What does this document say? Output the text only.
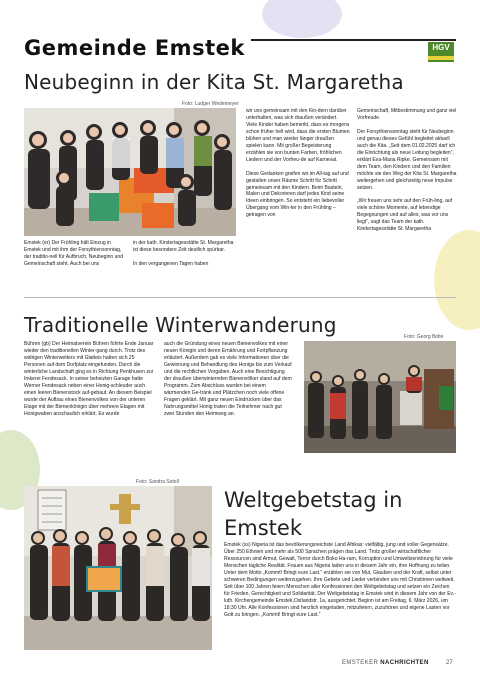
Gemeinde Emstek	HGV
Neubeginn in der Kita St. Margaretha
Foto: Ludger Wedemeyer

Emstek (er) Der Frühling hält Einzug in Emstek und mit ihm der Forsythiensonntag, der traditio-nell für Aufbruch, Neubeginn und Gemeinschaft steht. Auch bei uns

in der kath. Kindertagesstätte St. Margaretha ist diese besondere Zeit deutlich spürbar.

In den vergangenen Tagen haben

wir uns gemeinsam mit den Kin-dern darüber unterhalten, was sich draußen verändert. Viele Kinder haben bemerkt, dass es morgens schon früher hell wird, dass die ersten Blumen blühen und man wieder länger draußen spielen kann. Mit großer Begeisterung erzählen sie von bunten Farben, fröhlichen Liedern und der Vorfreu-de auf Karneval.

Diese Gedanken greifen wir im All-tag auf und gestalten unser Räume Schritt für Schritt gemeinsam mit den Kindern. Beim Basteln, Malen und Dekorieren darf jedes Kind seine Ideen einbringen. So entsteht ein liebevoller Übergang vom Win-ter in den Frühling – getragen von

Gemeinschaft, Mitbestimmung und ganz viel Vorfreude.

Der Forsythiensonntag steht für Neubeginn und genau dieses Gefühl begleitet aktuell auch die Kita. „Seit dem 01.02.2025 darf ich die Einrichtung als neue Leitung begleiten“, erklärt Eva-Maria Ripke. Gemeinsam mit dem Team, den Kindern und den Familien möchte sie den Weg der Kita St. Margaretha weitergehen und gleichzeitig neue Impulse setzen.

„Wir freuen uns sehr auf den Früh-ling, auf viele schöne Momente, auf lebendige Begegnungen und auf alles, was vor uns liegt“, sagt das Team der kath. Kindertagesstätte St. Margaretha

Traditionelle Winterwanderung

Bühren (gb) Der Heimatverein Bühren führte Ende Januar wieder den traditionellen Winter-gang durch. Trotz des widrigen Winterwetters mit Glatteis hatten sich 25 Personen auf dem Dorfplatz eingefunden. Durch die winterliche Landschaft ging es in Richtung Penkhusen zur Imkerei Fendesack. In seiner beheizten Garage hatte Werner Fendesack neben einer Honig-schleuder auch einen leeren Bienenstock auf-gebaut. An diesem Beispiel wurde der Aufbau eines Bienenvolkes von der unteren Etage mit der Bienenkönigin über mehrere Etagen mit Honigwaben anschaulich erklärt. Es wurde

auch die Gründung eines neuen Bienenvolkes mit einer neuen Königin und deren Ernährung und Fortpflanzung erläutert. Außerdem gab es viele Informationen über die Gewinnung und Behandlung des Honigs bis zum Verkauf und die rechtlichen Vorgaben. Auch eine Besichtigung der draußen überwinternden Bienenvölker stand auf dem Programm. Zum Abschluss wurden bei einem wärmenden Ge-tränk und Plätzchen noch viele offene Fragen geklärt. Mit ganz neuen Eindrücken über das Nahrungsmittel Honig traten die Teilnehmer nach gut zwei Stunden den Heimweg an.

Foto: Georg Bolte
Foto: Sandra Sotoll
Weltgebetstag in Emstek

Emstek (ss) Nigeria ist das bevölkerungsreichste Land Afrikas: vielfältig, jung und voller Gegensätze. Über 250 Ethnien und mehr als 500 Sprachen prägen das Land. Trotz großer wirtschaftlicher Ressourcen sind Armut, Gewalt, Terror durch Boko Ha-ram, Korruption und Umweltzerstörung für viele Menschen tägliche Realität. Frauen aus Nigeria laden uns in diesem Jahr ein, ihre Hoffnung zu teilen. Unter dem Motto „Kommt! Bringt eure Last.“ erzählen sie von Mut, Glauben und der Kraft, selbst unter schweren Bedingungen weiterzugehen. Ihre Gebete und Lieder verbinden uns mit Christinnen weltweit. Seit über 100 Jahren feiern Menschen aller Konfessionen den Weltgebetstag und setzen ein Zeichen für Frieden, Gerechtigkeit und Solidarität. Der Weltgebetstag in Emstek wird in diesem Jahr von der Ev.-luth. Kirchengemeinde Emstek,Ostlandstr. 1a, ausgerichtet. Beginn ist am Freitag, 6. März 2026, um 18:30 Uhr. Alle Konfessionen sind herzlich eingeladen, mitzufeiern, zuzuhören und eigene Lasten vor Gott zu bringen. „Kommt! Bringt eure Last.“

EMSTEKER NACHRICHTEN	27
